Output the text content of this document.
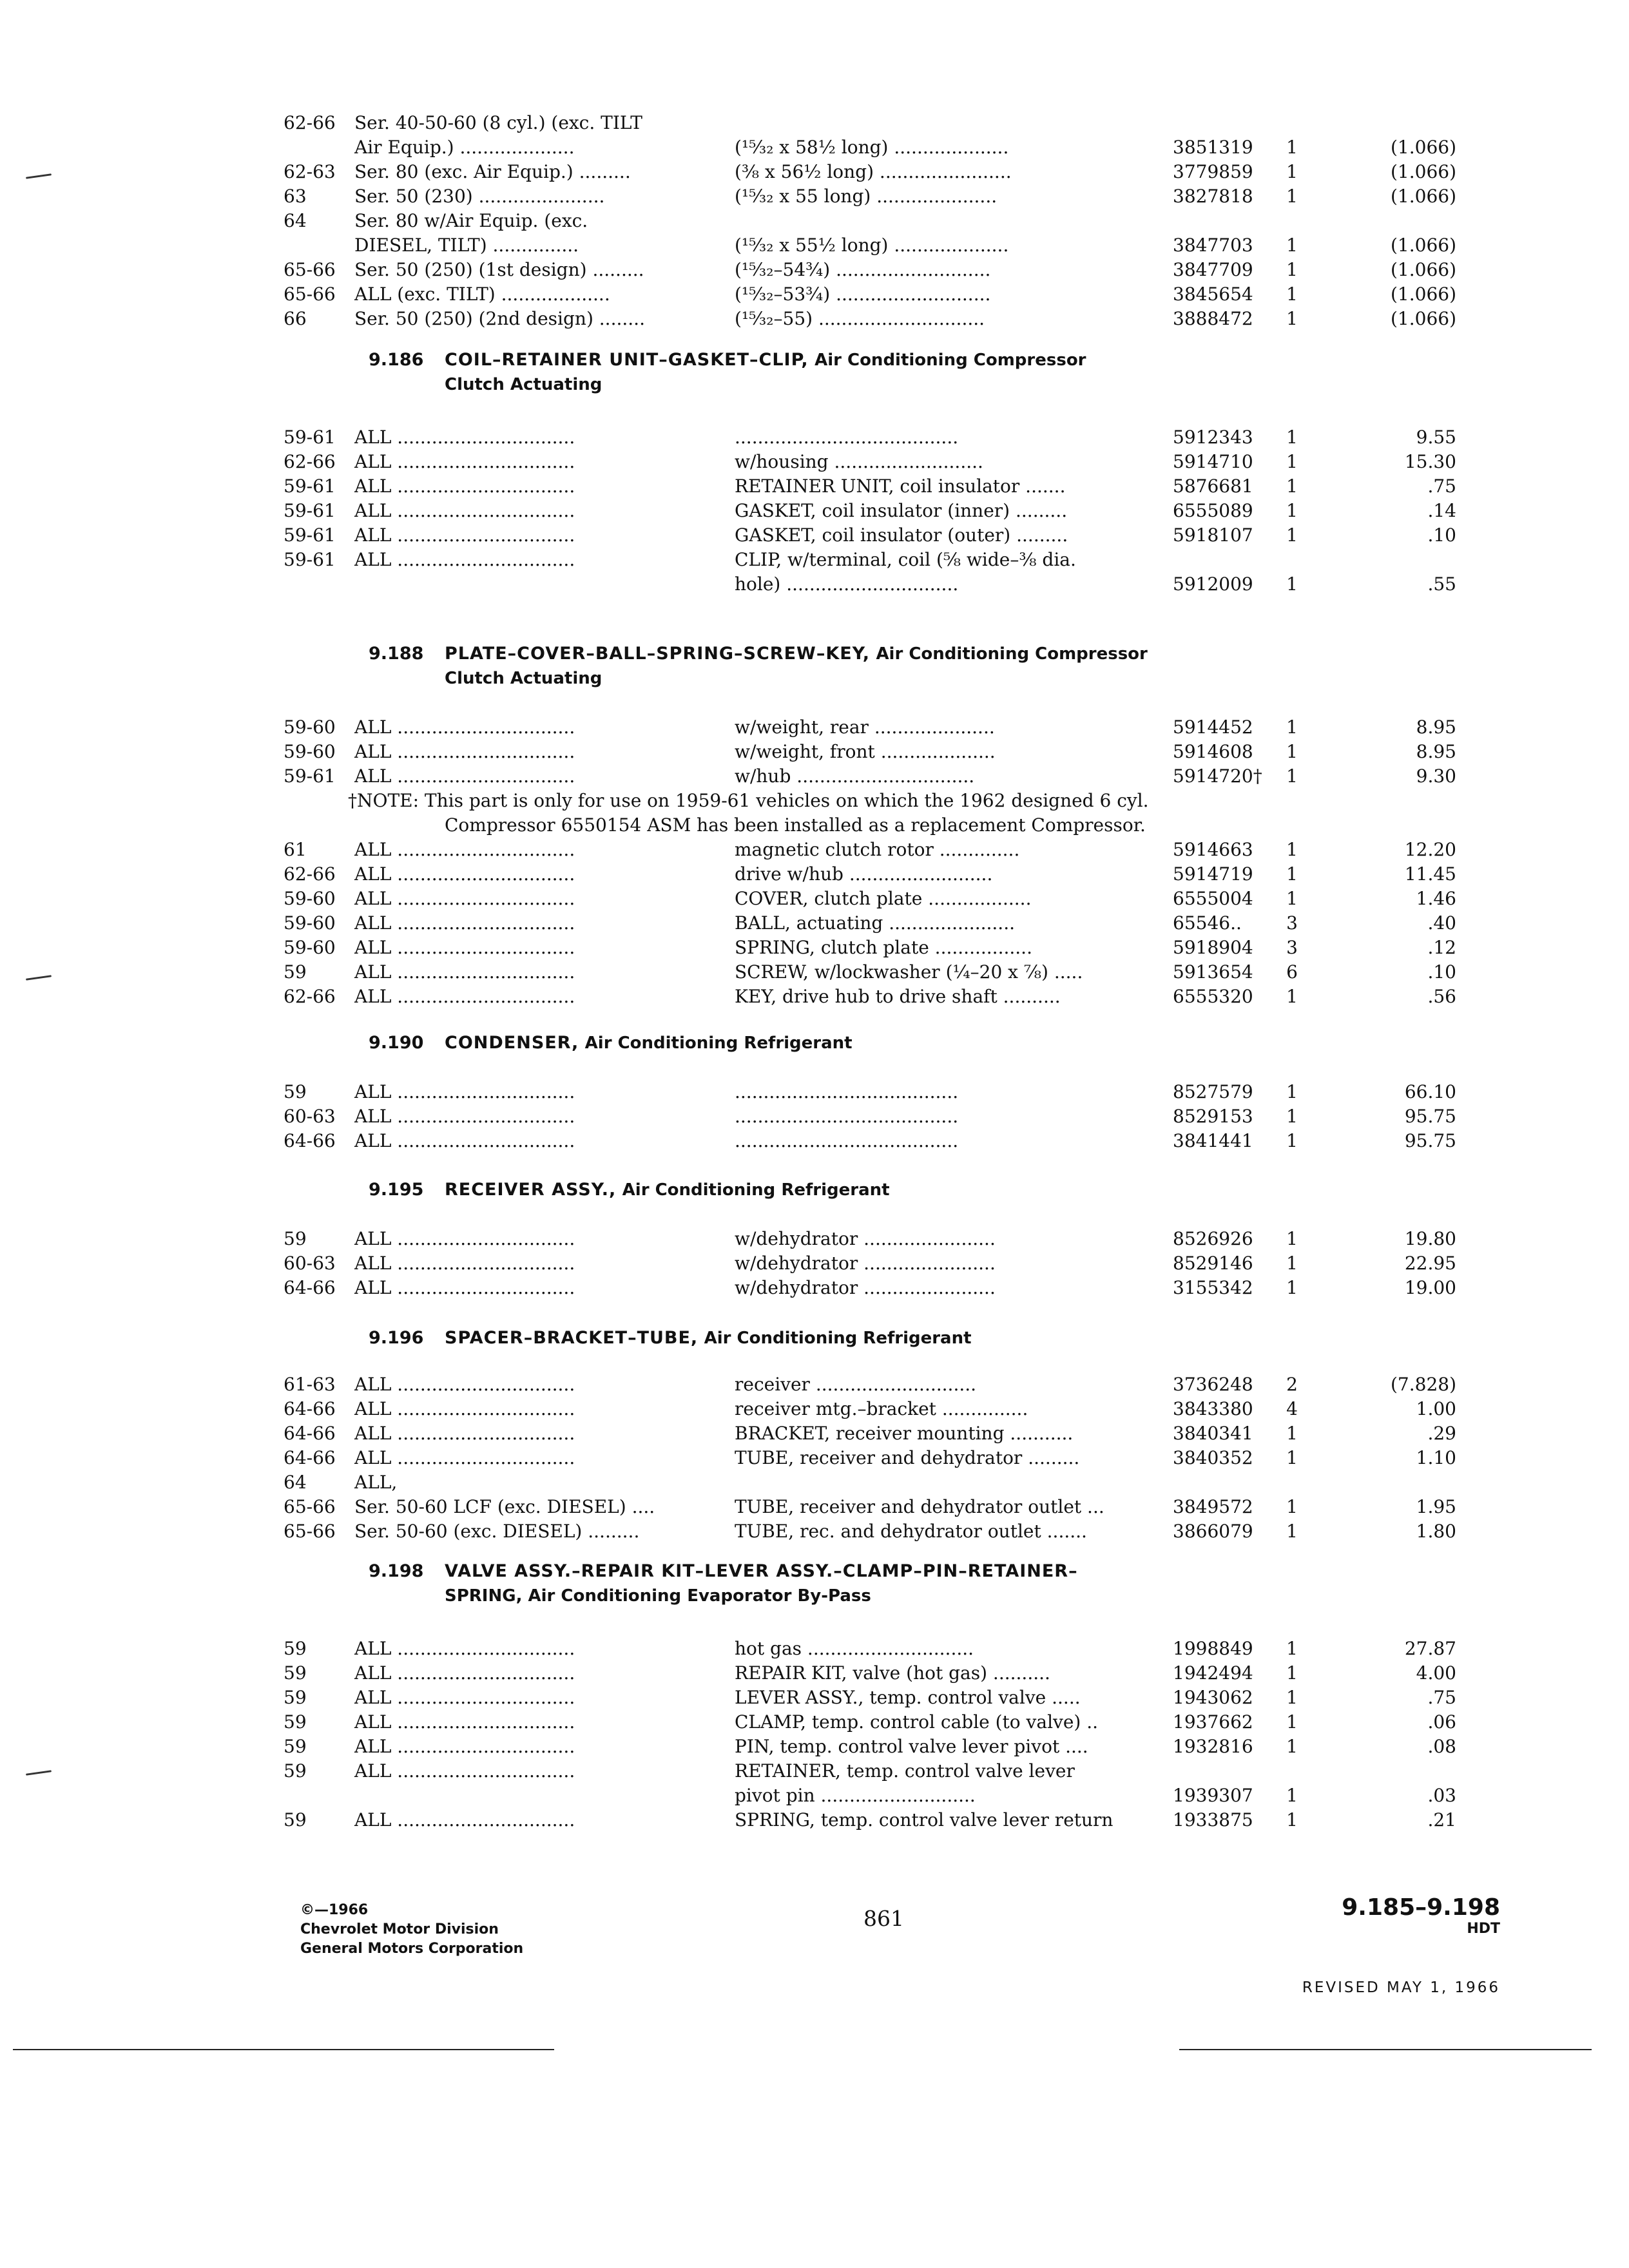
62-66	Ser. 40-50-60 (8 cyl.) (exc. TILT
Air Equip.) ....................	(¹⁵⁄₃₂ x 58½ long) ....................	3851319	1	(1.066)
62-63	Ser. 80 (exc. Air Equip.) .........	(⅜ x 56½ long) .......................	3779859	1	(1.066)
63	Ser. 50 (230) ......................	(¹⁵⁄₃₂ x 55 long) .....................	3827818	1	(1.066)
64	Ser. 80 w/Air Equip. (exc.
DIESEL, TILT) ...............	(¹⁵⁄₃₂ x 55½ long) ....................	3847703	1	(1.066)
65-66	Ser. 50 (250) (1st design) .........	(¹⁵⁄₃₂–54¾) ...........................	3847709	1	(1.066)
65-66	ALL (exc. TILT) ...................	(¹⁵⁄₃₂–53¾) ...........................	3845654	1	(1.066)
66	Ser. 50 (250) (2nd design) ........	(¹⁵⁄₃₂–55) .............................	3888472	1	(1.066)
9.186 COIL–RETAINER UNIT–GASKET–CLIP, Air Conditioning Compressor
Clutch Actuating
59-61	ALL ...............................	.......................................	5912343	1	9.55
62-66	ALL ...............................	w/housing ..........................	5914710	1	15.30
59-61	ALL ...............................	RETAINER UNIT, coil insulator .......	5876681	1	.75
59-61	ALL ...............................	GASKET, coil insulator (inner) .........	6555089	1	.14
59-61	ALL ...............................	GASKET, coil insulator (outer) .........	5918107	1	.10
59-61	ALL ...............................	CLIP, w/terminal, coil (⅝ wide–⅜ dia.
hole) ..............................	5912009	1	.55
9.188 PLATE–COVER–BALL–SPRING–SCREW–KEY, Air Conditioning Compressor
Clutch Actuating
59-60	ALL ...............................	w/weight, rear .....................	5914452	1	8.95
59-60	ALL ...............................	w/weight, front ....................	5914608	1	8.95
59-61	ALL ...............................	w/hub ...............................	5914720†	1	9.30
†NOTE: This part is only for use on 1959-61 vehicles on which the 1962 designed 6 cyl.
Compressor 6550154 ASM has been installed as a replacement Compressor.
61	ALL ...............................	magnetic clutch rotor ..............	5914663	1	12.20
62-66	ALL ...............................	drive w/hub .........................	5914719	1	11.45
59-60	ALL ...............................	COVER, clutch plate ..................	6555004	1	1.46
59-60	ALL ...............................	BALL, actuating ......................	65546..	3	.40
59-60	ALL ...............................	SPRING, clutch plate .................	5918904	3	.12
59	ALL ...............................	SCREW, w/lockwasher (¼–20 x ⅞) .....	5913654	6	.10
62-66	ALL ...............................	KEY, drive hub to drive shaft ..........	6555320	1	.56
9.190 CONDENSER, Air Conditioning Refrigerant
59	ALL ...............................	.......................................	8527579	1	66.10
60-63	ALL ...............................	.......................................	8529153	1	95.75
64-66	ALL ...............................	.......................................	3841441	1	95.75
9.195 RECEIVER ASSY., Air Conditioning Refrigerant
59	ALL ...............................	w/dehydrator .......................	8526926	1	19.80
60-63	ALL ...............................	w/dehydrator .......................	8529146	1	22.95
64-66	ALL ...............................	w/dehydrator .......................	3155342	1	19.00
9.196 SPACER–BRACKET–TUBE, Air Conditioning Refrigerant
61-63	ALL ...............................	receiver ............................	3736248	2	(7.828)
64-66	ALL ...............................	receiver mtg.–bracket ...............	3843380	4	1.00
64-66	ALL ...............................	BRACKET, receiver mounting ...........	3840341	1	.29
64-66	ALL ...............................	TUBE, receiver and dehydrator .........	3840352	1	1.10
64	ALL,
65-66	Ser. 50-60 LCF (exc. DIESEL) ....	TUBE, receiver and dehydrator outlet ...	3849572	1	1.95
65-66	Ser. 50-60 (exc. DIESEL) .........	TUBE, rec. and dehydrator outlet .......	3866079	1	1.80
9.198 VALVE ASSY.–REPAIR KIT–LEVER ASSY.–CLAMP–PIN–RETAINER–
SPRING, Air Conditioning Evaporator By-Pass
59	ALL ...............................	hot gas .............................	1998849	1	27.87
59	ALL ...............................	REPAIR KIT, valve (hot gas) ..........	1942494	1	4.00
59	ALL ...............................	LEVER ASSY., temp. control valve .....	1943062	1	.75
59	ALL ...............................	CLAMP, temp. control cable (to valve) ..	1937662	1	.06
59	ALL ...............................	PIN, temp. control valve lever pivot ....	1932816	1	.08
59	ALL ...............................	RETAINER, temp. control valve lever
pivot pin ...........................	1939307	1	.03
59	ALL ...............................	SPRING, temp. control valve lever return	1933875	1	.21
©—1966
Chevrolet Motor Division
General Motors Corporation
861	9.185–9.198
HDT
REVISED MAY 1, 1966
